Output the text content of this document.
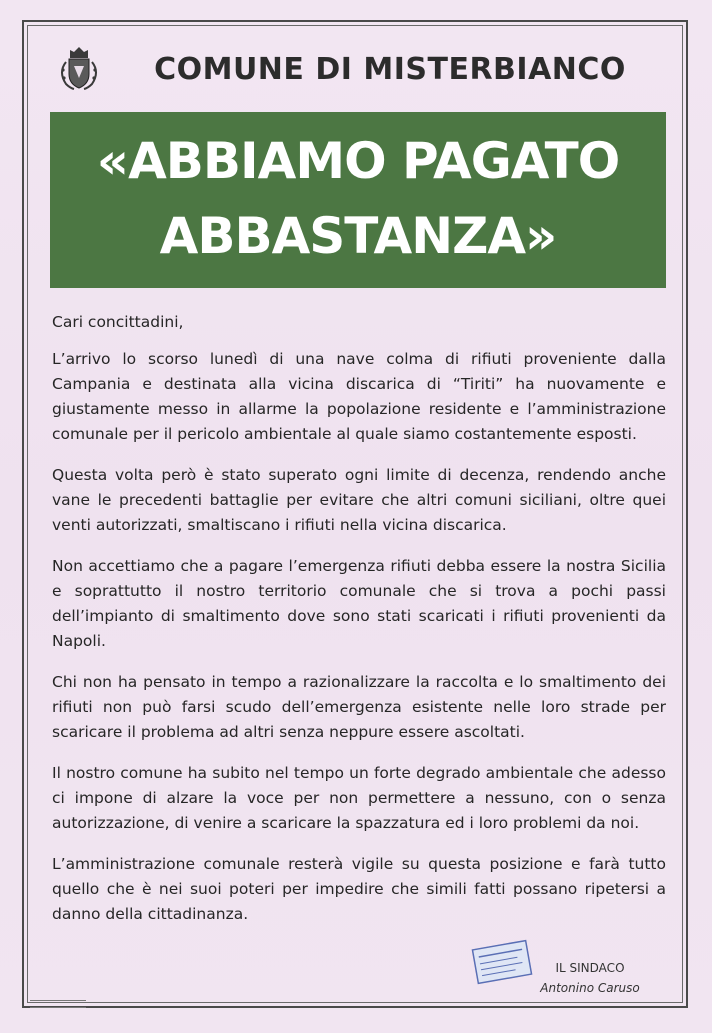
COMUNE DI MISTERBIANCO
«ABBIAMO PAGATO
ABBASTANZA»

Cari concittadini,

L’arrivo lo scorso lunedì di una nave colma di rifiuti proveniente dalla Campania e destinata alla vicina discarica di “Tiriti” ha nuovamente e giustamente messo in allarme la popolazione residente e l’amministrazione comunale per il pericolo ambientale al quale siamo costantemente esposti.

Questa volta però è stato superato ogni limite di decenza, rendendo anche vane le precedenti battaglie per evitare che altri comuni siciliani, oltre quei venti autorizzati, smaltiscano i rifiuti nella vicina discarica.

Non accettiamo che a pagare l’emergenza rifiuti debba essere la nostra Sicilia e soprattutto il nostro territorio comunale che si trova a pochi passi dell’impianto di smaltimento dove sono stati scaricati i rifiuti provenienti da Napoli.

Chi non ha pensato in tempo a razionalizzare la raccolta e lo smaltimento dei rifiuti non può farsi scudo dell’emergenza esistente nelle loro strade per scaricare il problema ad altri senza neppure essere ascoltati.

Il nostro comune ha subito nel tempo un forte degrado ambientale che adesso ci impone di alzare la voce per non permettere a nessuno, con o senza autorizzazione, di venire a scaricare la spazzatura ed i loro problemi da noi.

L’amministrazione comunale resterà vigile su questa posizione e farà tutto quello che è nei suoi poteri per impedire che simili fatti possano ripetersi a danno della cittadinanza.

IL SINDACO
Antonino Caruso
